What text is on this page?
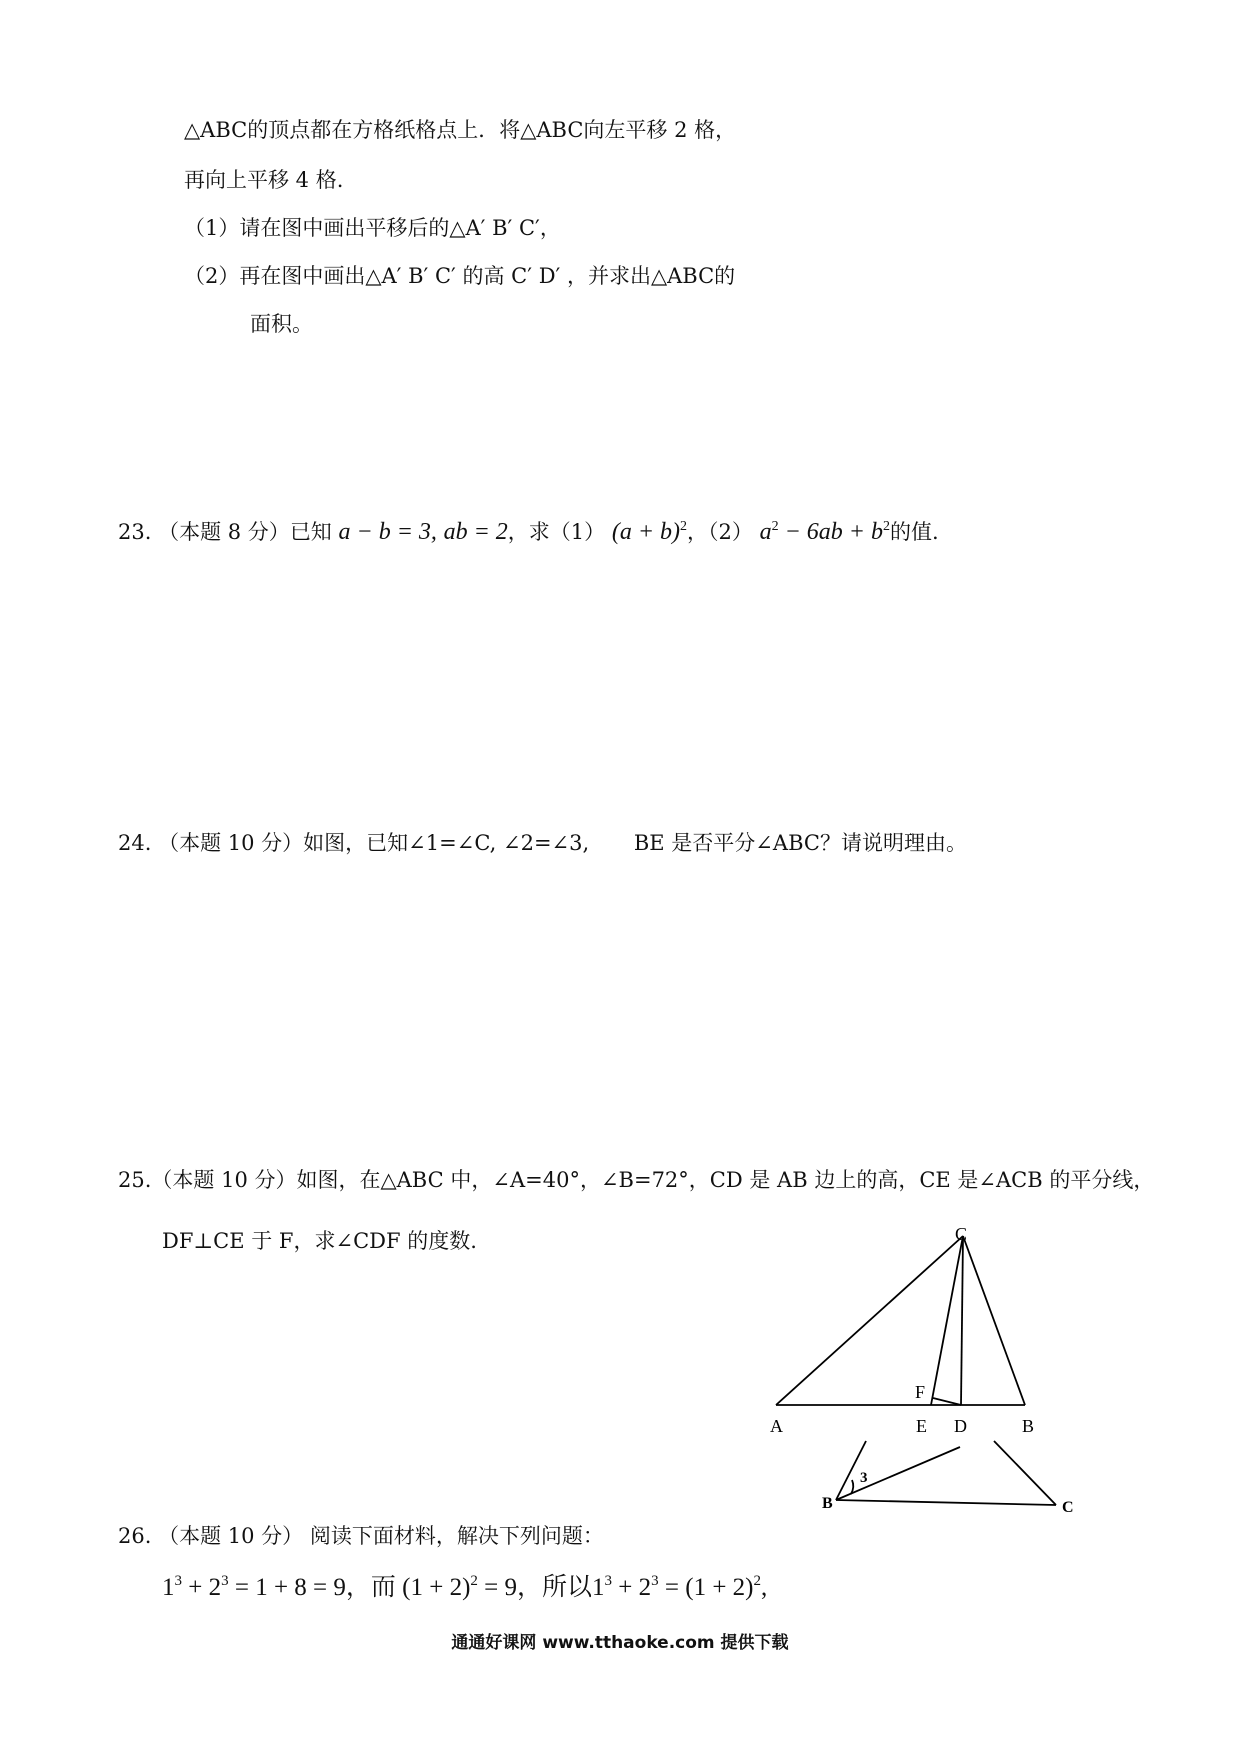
△ABC的顶点都在方格纸格点上．将△ABC向左平移 2 格，
再向上平移 4 格.
（1）请在图中画出平移后的△A′ B′ C′，
（2）再在图中画出△A′ B′ C′ 的高 C′ D′ ，并求出△ABC的
面积。
23. （本题 8 分）已知 a − b = 3, ab = 2，求（1） $(a + b)^2$，（2） $a^2 - 6ab + b^2$的值.
24. （本题 10 分）如图，已知∠1=∠C, ∠2=∠3, BE 是否平分∠ABC？请说明理由。
25.（本题 10 分）如图，在△ABC 中，∠A=40°，∠B=72°，CD 是 AB 边上的高，CE 是∠ACB 的平分线，
DF⊥CE 于 F，求∠CDF 的度数.	C
F
A	E D	B
B	C
3
26. （本题 10 分） 阅读下面材料，解决下列问题：
$1^3 + 2^3 = 1 + 8 = 9$，而 $(1 + 2)^2 = 9$，所以$1^3 + 2^3 = (1 + 2)^2$,
通通好课网 www.tthaoke.com 提供下载
